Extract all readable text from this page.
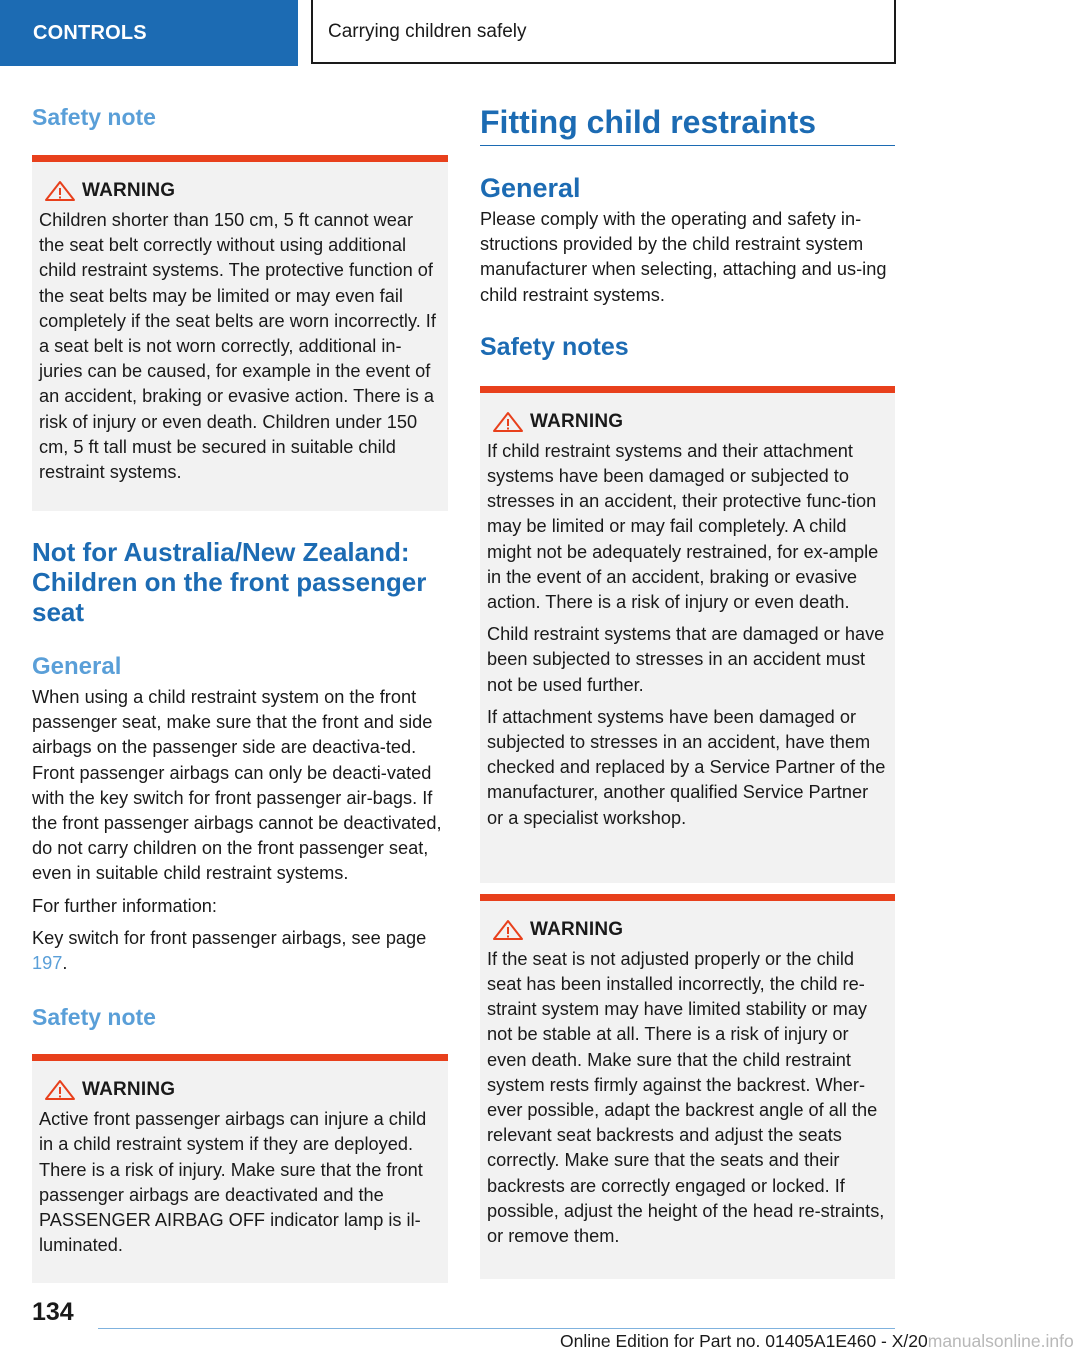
CONTROLS	Carrying children safely
Safety note
WARNING

Children shorter than 150 cm, 5 ft cannot wear the seat belt correctly without using additional child restraint systems. The protective function of the seat belts may be limited or may even fail completely if the seat belts are worn incorrectly. If a seat belt is not worn correctly, additional in-juries can be caused, for example in the event of an accident, braking or evasive action. There is a risk of injury or even death. Children under 150 cm, 5 ft tall must be secured in suitable child restraint systems.

Not for Australia/New Zealand: Children on the front passenger seat
General

When using a child restraint system on the front passenger seat, make sure that the front and side airbags on the passenger side are deactiva-ted. Front passenger airbags can only be deacti-vated with the key switch for front passenger air-bags. If the front passenger airbags cannot be deactivated, do not carry children on the front passenger seat, even in suitable child restraint systems.

For further information:

Key switch for front passenger airbags, see page 197.

Safety note
WARNING

Active front passenger airbags can injure a child in a child restraint system if they are deployed. There is a risk of injury. Make sure that the front passenger airbags are deactivated and the PASSENGER AIRBAG OFF indicator lamp is il-luminated.

Fitting child restraints
General

Please comply with the operating and safety in-structions provided by the child restraint system manufacturer when selecting, attaching and us-ing child restraint systems.

Safety notes
WARNING

If child restraint systems and their attachment systems have been damaged or subjected to stresses in an accident, their protective func-tion may be limited or may fail completely. A child might not be adequately restrained, for ex-ample in the event of an accident, braking or evasive action. There is a risk of injury or even death.

Child restraint systems that are damaged or have been subjected to stresses in an accident must not be used further.

If attachment systems have been damaged or subjected to stresses in an accident, have them checked and replaced by a Service Partner of the manufacturer, another qualified Service Partner or a specialist workshop.

WARNING

If the seat is not adjusted properly or the child seat has been installed incorrectly, the child re-straint system may have limited stability or may not be stable at all. There is a risk of injury or even death. Make sure that the child restraint system rests firmly against the backrest. Wher-ever possible, adapt the backrest angle of all the relevant seat backrests and adjust the seats correctly. Make sure that the seats and their backrests are correctly engaged or locked. If possible, adjust the height of the head re-straints, or remove them.

134
Online Edition for Part no. 01405A1E460 - X/20manualsonline.info
